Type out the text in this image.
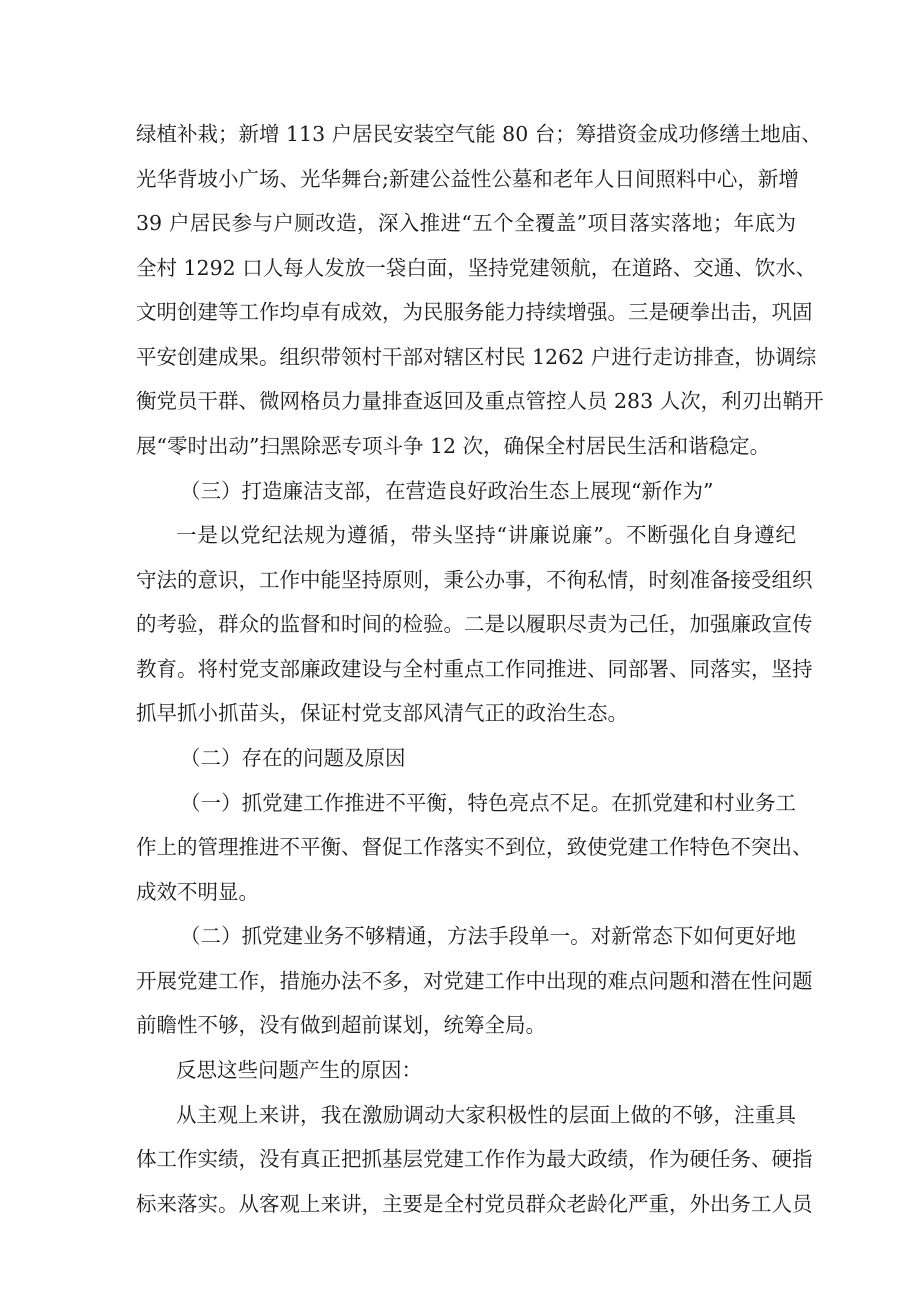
绿植补栽；新增 113 户居民安装空气能 80 台；筹措资金成功修缮土地庙、
光华背坡小广场、光华舞台;新建公益性公墓和老年人日间照料中心，新增
39 户居民参与户厕改造，深入推进“五个全覆盖”项目落实落地；年底为
全村 1292 口人每人发放一袋白面，坚持党建领航，在道路、交通、饮水、
文明创建等工作均卓有成效，为民服务能力持续增强。三是硬拳出击，巩固
平安创建成果。组织带领村干部对辖区村民 1262 户进行走访排查，协调综
衡党员干群、微网格员力量排查返回及重点管控人员 283 人次，利刃出鞘开
展“零时出动”扫黑除恶专项斗争 12 次，确保全村居民生活和谐稳定。
（三）打造廉洁支部，在营造良好政治生态上展现“新作为”
一是以党纪法规为遵循，带头坚持“讲廉说廉”。不断强化自身遵纪
守法的意识，工作中能坚持原则，秉公办事，不徇私情，时刻准备接受组织
的考验，群众的监督和时间的检验。二是以履职尽责为己任，加强廉政宣传
教育。将村党支部廉政建设与全村重点工作同推进、同部署、同落实，坚持
抓早抓小抓苗头，保证村党支部风清气正的政治生态。
（二）存在的问题及原因
（一）抓党建工作推进不平衡，特色亮点不足。在抓党建和村业务工
作上的管理推进不平衡、督促工作落实不到位，致使党建工作特色不突出、
成效不明显。
（二）抓党建业务不够精通，方法手段单一。对新常态下如何更好地
开展党建工作，措施办法不多，对党建工作中出现的难点问题和潜在性问题
前瞻性不够，没有做到超前谋划，统筹全局。
反思这些问题产生的原因：
从主观上来讲，我在激励调动大家积极性的层面上做的不够，注重具
体工作实绩，没有真正把抓基层党建工作作为最大政绩，作为硬任务、硬指
标来落实。从客观上来讲，主要是全村党员群众老龄化严重，外出务工人员
